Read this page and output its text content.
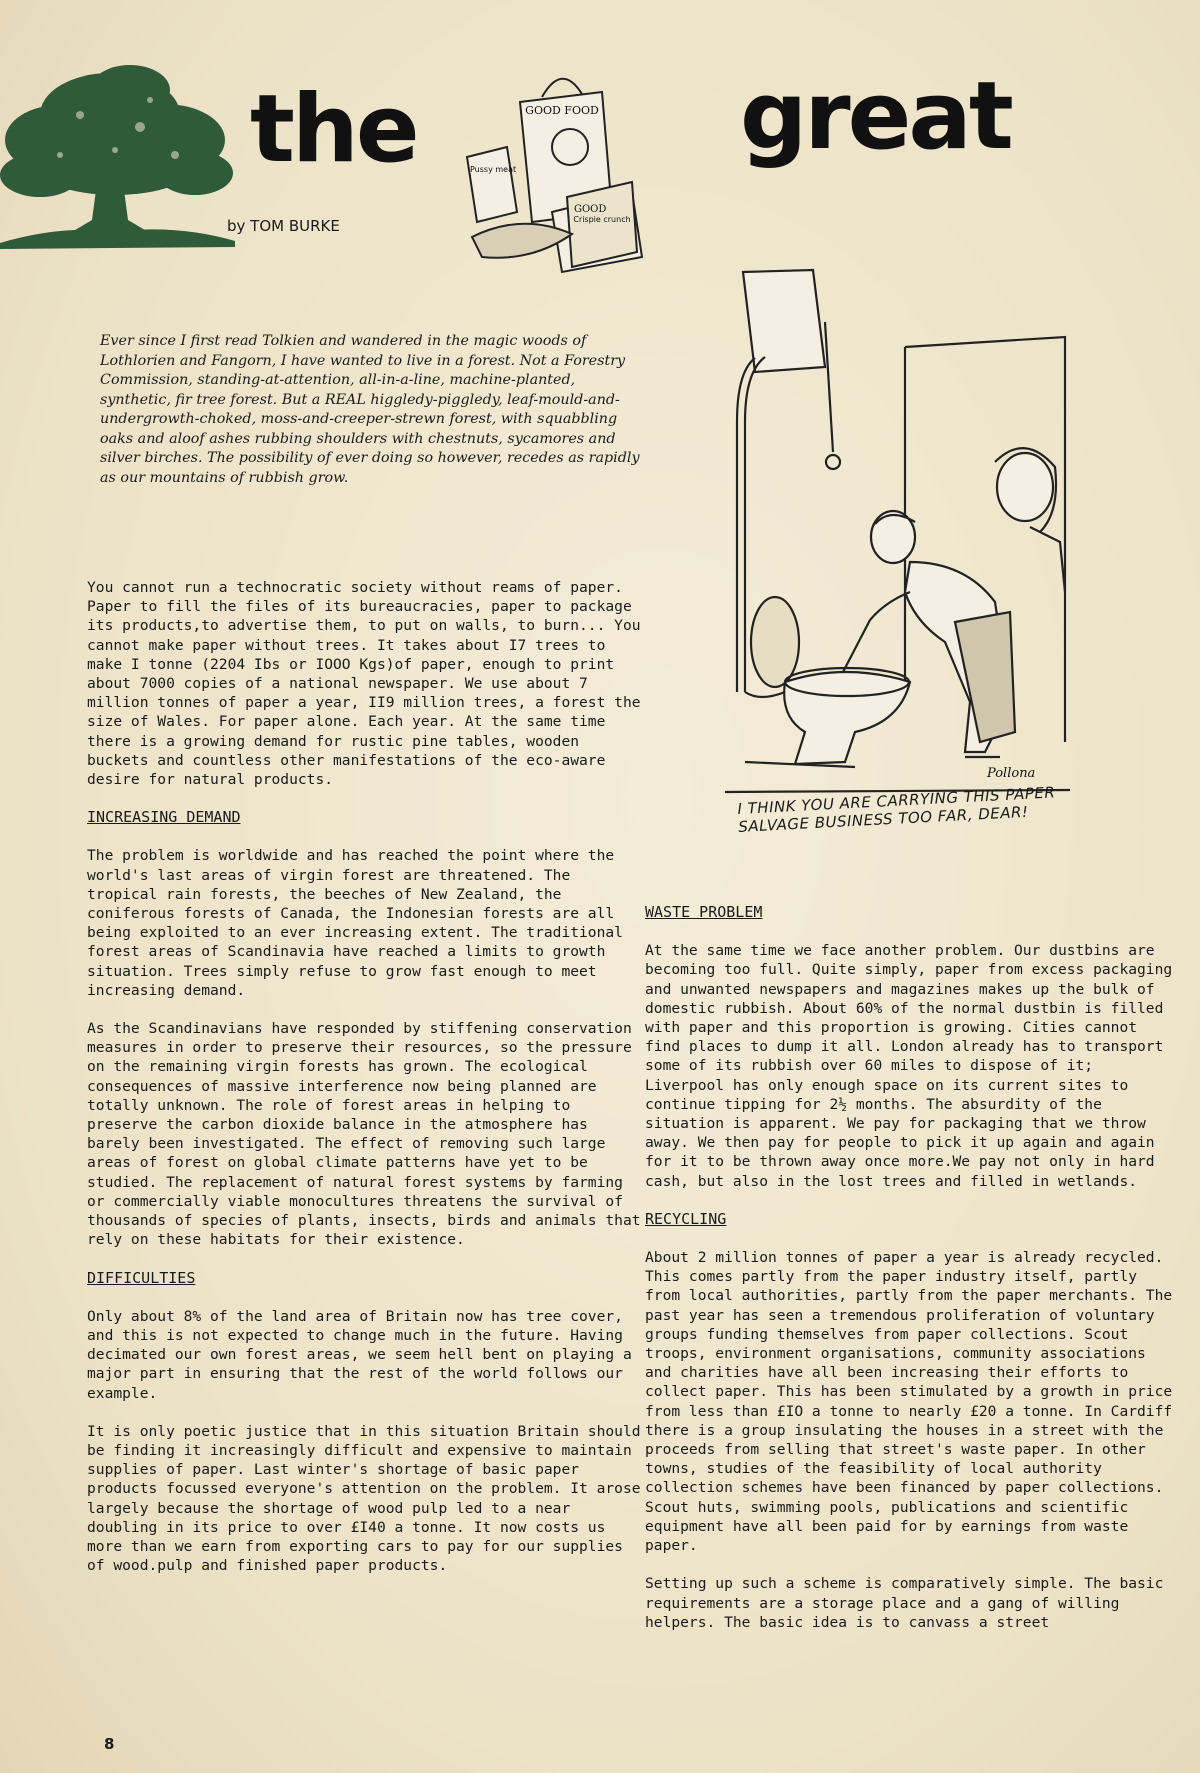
the	great
by TOM BURKE
GOOD FOOD
GOOD
Pussy meat
Crispie crunch
Ever since I first read Tolkien and wandered in the magic woods of Lothlorien and Fangorn, I have wanted to live in a forest. Not a Forestry Commission, standing-at-attention, all-in-a-line, machine-planted, synthetic, fir tree forest. But a REAL higgledy-piggledy, leaf-mould-and-undergrowth-choked, moss-and-creeper-strewn forest, with squabbling oaks and aloof ashes rubbing shoulders with chestnuts, sycamores and silver birches. The possibility of ever doing so however, recedes as rapidly as our mountains of rubbish grow.

You cannot run a technocratic society without reams of paper. Paper to fill the files of its bureaucracies, paper to package its products,to advertise them, to put on walls, to burn... You cannot make paper without trees. It takes about I7 trees to make I tonne (2204 Ibs or IOOO Kgs)of paper, enough to print about 7000 copies of a national newspaper. We use about 7 million tonnes of paper a year, II9 million trees, a forest the size of Wales. For paper alone. Each year. At the same time there is a growing demand for rustic pine tables, wooden buckets and countless other manifestations of the eco-aware desire for natural products.

INCREASING DEMAND

The problem is worldwide and has reached the point where the world's last areas of virgin forest are threatened. The tropical rain forests, the beeches of New Zealand, the coniferous forests of Canada, the Indonesian forests are all being exploited to an ever increasing extent. The traditional forest areas of Scandinavia have reached a limits to growth situation. Trees simply refuse to grow fast enough to meet increasing demand.

As the Scandinavians have responded by stiffening conservation measures in order to preserve their resources, so the pressure on the remaining virgin forests has grown. The ecological consequences of massive interference now being planned are totally unknown. The role of forest areas in helping to preserve the carbon dioxide balance in the atmosphere has barely been investigated. The effect of removing such large areas of forest on global climate patterns have yet to be studied. The replacement of natural forest systems by farming or commercially viable monocultures threatens the survival of thousands of species of plants, insects, birds and animals that rely on these habitats for their existence.

DIFFICULTIES

Only about 8% of the land area of Britain now has tree cover, and this is not expected to change much in the future. Having decimated our own forest areas, we seem hell bent on playing a major part in ensuring that the rest of the world follows our example.

It is only poetic justice that in this situation Britain should be finding it increasingly difficult and expensive to maintain supplies of paper. Last winter's shortage of basic paper products focussed everyone's attention on the problem. It arose largely because the shortage of wood pulp led to a near doubling in its price to over £I40 a tonne. It now costs us more than we earn from exporting cars to pay for our supplies of wood.pulp and finished paper products.

Pollona
I THINK YOU ARE CARRYING THIS PAPER SALVAGE BUSINESS TOO FAR, DEAR!
WASTE PROBLEM

At the same time we face another problem. Our dustbins are becoming too full. Quite simply, paper from excess packaging and unwanted newspapers and magazines makes up the bulk of domestic rubbish. About 60% of the normal dustbin is filled with paper and this proportion is growing. Cities cannot find places to dump it all. London already has to transport some of its rubbish over 60 miles to dispose of it; Liverpool has only enough space on its current sites to continue tipping for 2½ months. The absurdity of the situation is apparent. We pay for packaging that we throw away. We then pay for people to pick it up again and again for it to be thrown away once more.We pay not only in hard cash, but also in the lost trees and filled in wetlands.

RECYCLING

About 2 million tonnes of paper a year is already recycled. This comes partly from the paper industry itself, partly from local authorities, partly from the paper merchants. The past year has seen a tremendous proliferation of voluntary groups funding themselves from paper collections. Scout troops, environment organisations, community associations and charities have all been increasing their efforts to collect paper. This has been stimulated by a growth in price from less than £IO a tonne to nearly £20 a tonne. In Cardiff there is a group insulating the houses in a street with the proceeds from selling that street's waste paper. In other towns, studies of the feasibility of local authority collection schemes have been financed by paper collections. Scout huts, swimming pools, publications and scientific equipment have all been paid for by earnings from waste paper.

Setting up such a scheme is comparatively simple. The basic requirements are a storage place and a gang of willing helpers. The basic idea is to canvass a street

8
